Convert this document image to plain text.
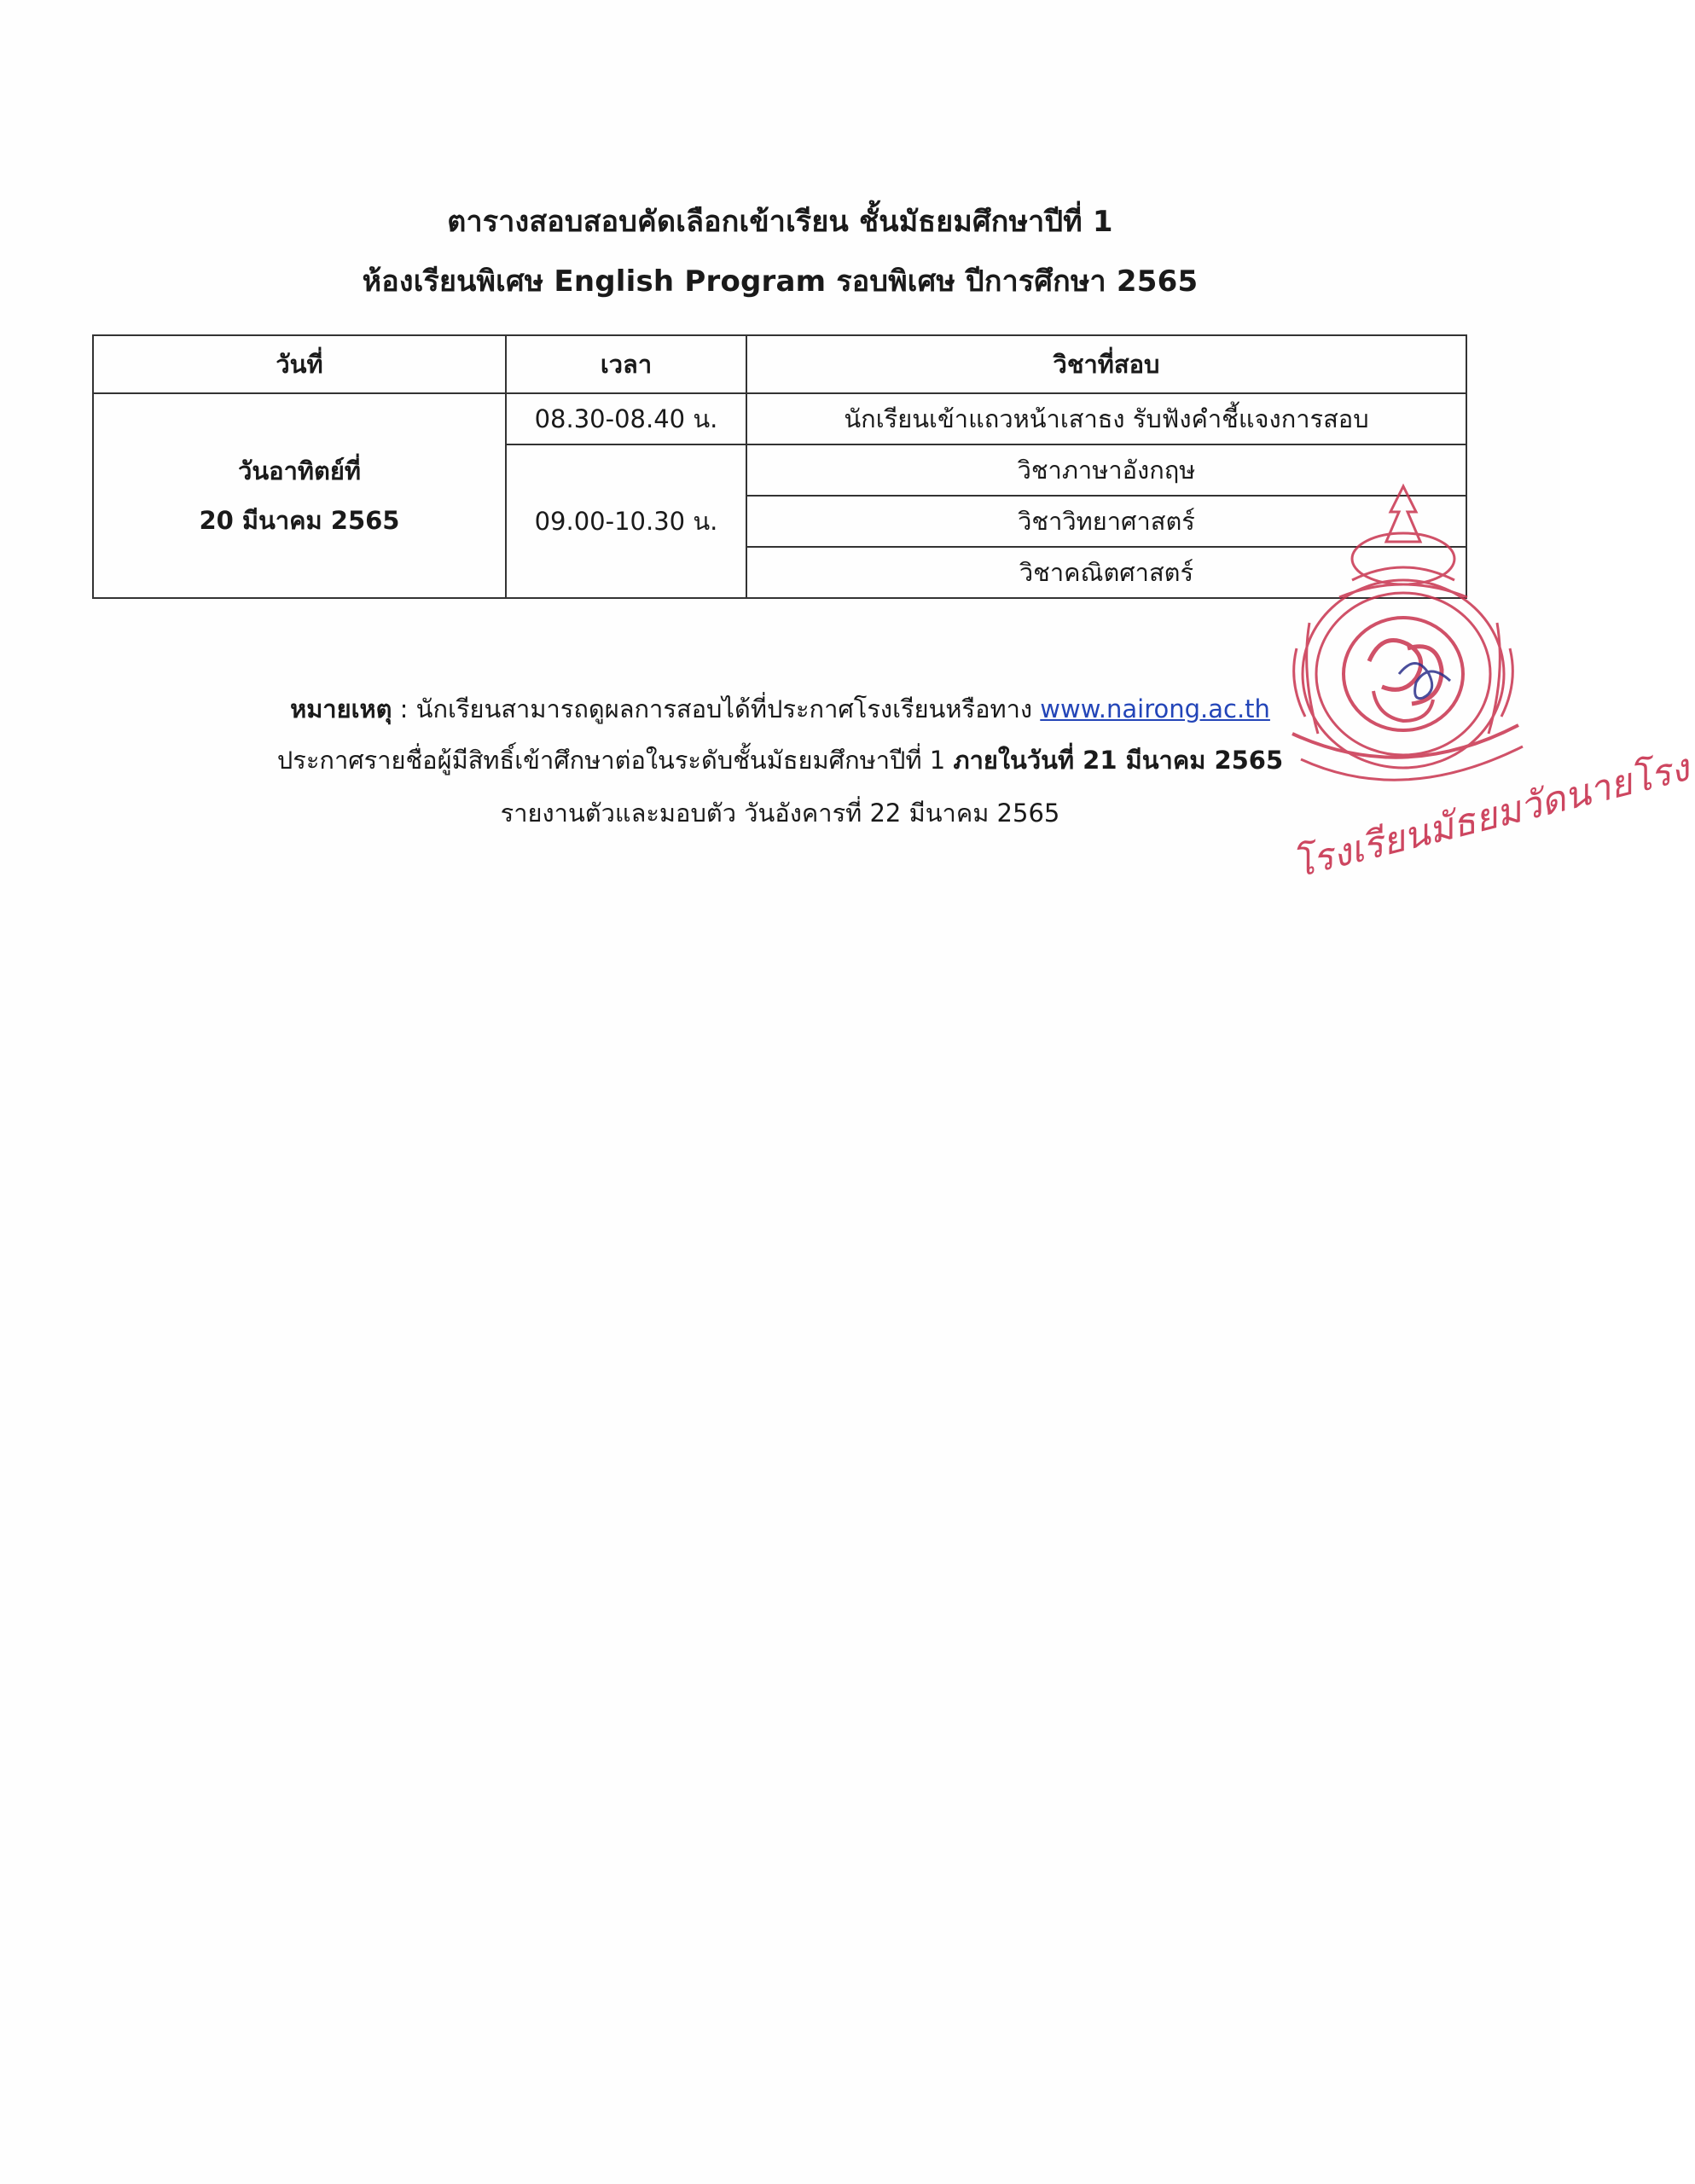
ตารางสอบสอบคัดเลือกเข้าเรียน ชั้นมัธยมศึกษาปีที่ 1
ห้องเรียนพิเศษ English Program รอบพิเศษ ปีการศึกษา 2565
วันที่	เวลา	วิชาที่สอบ

วันอาทิตย์ที่
20 มีนาคม 2565	08.30-08.40 น.	นักเรียนเข้าแถวหน้าเสาธง รับฟังคำชี้แจงการสอบ
	09.00-10.30 น.	วิชาภาษาอังกฤษ
		วิชาวิทยาศาสตร์
		วิชาคณิตศาสตร์
หมายเหตุ : นักเรียนสามารถดูผลการสอบได้ที่ประกาศโรงเรียนหรือทาง www.nairong.ac.th
ประกาศรายชื่อผู้มีสิทธิ์เข้าศึกษาต่อในระดับชั้นมัธยมศึกษาปีที่ 1 ภายในวันที่ 21 มีนาคม 2565
รายงานตัวและมอบตัว วันอังคารที่ 22 มีนาคม 2565	โรงเรียนมัธยมวัดนายโรง
